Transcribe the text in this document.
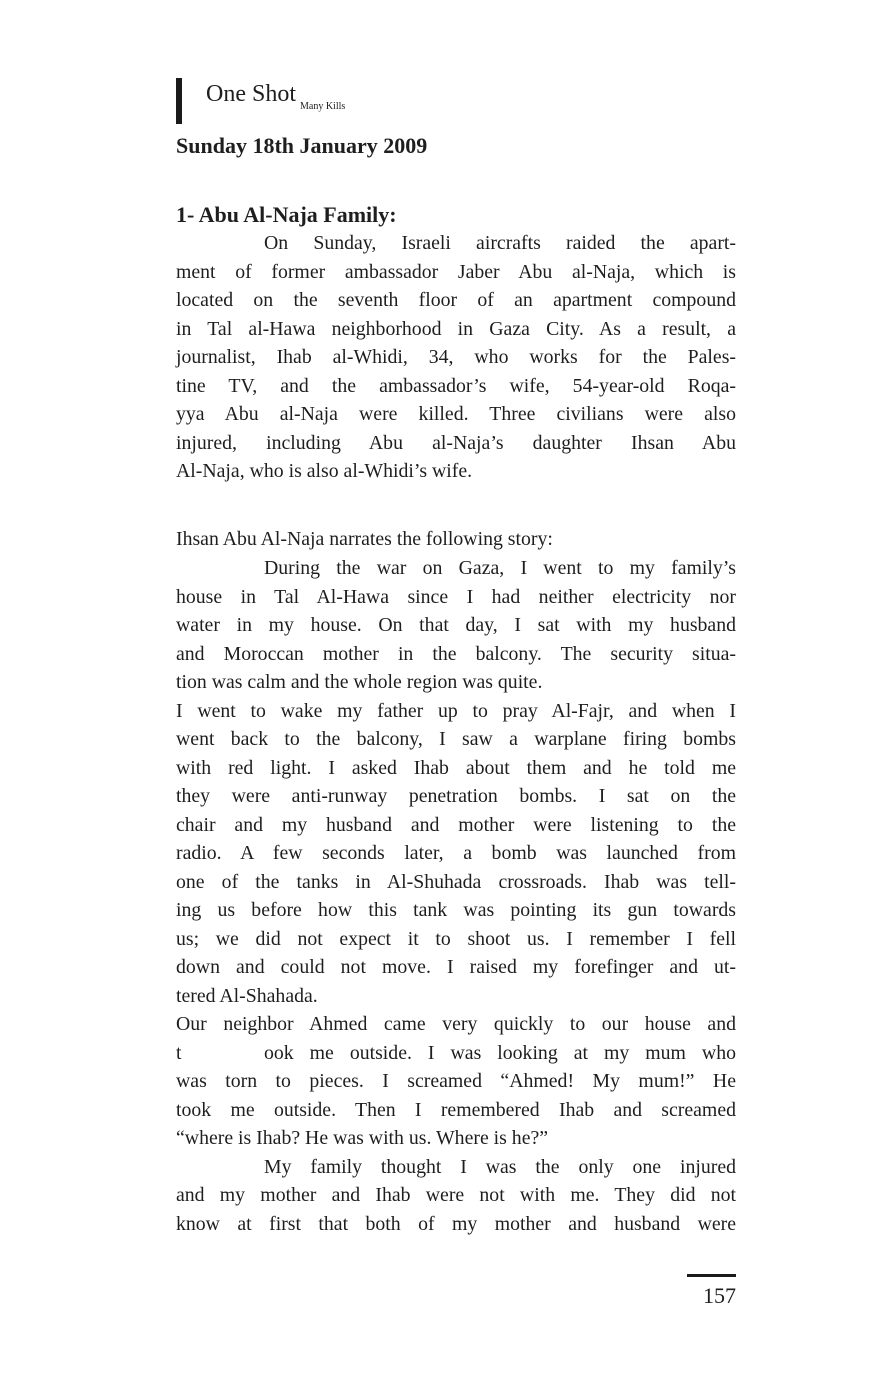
One Shot $_{Many Kills}$
Sunday 18th January 2009
1- Abu Al-Naja Family:
On Sunday, Israeli aircrafts raided the apart-
ment of former ambassador Jaber Abu al-Naja, which is
located on the seventh floor of an apartment compound
in Tal al-Hawa neighborhood in Gaza City. As a result, a
journalist, Ihab al-Whidi, 34, who works for the Pales-
tine TV, and the ambassador’s wife, 54-year-old Roqa-
yya Abu al-Naja were killed. Three civilians were also
injured, including Abu al-Naja’s daughter Ihsan Abu
Al-Naja, who is also al-Whidi’s wife.
Ihsan Abu Al-Naja narrates the following story:
During the war on Gaza, I went to my family’s
house in Tal Al-Hawa since I had neither electricity nor
water in my house. On that day, I sat with my husband
and Moroccan mother in the balcony. The security situa-
tion was calm and the whole region was quite.
I went to wake my father up to pray Al-Fajr, and when I
went back to the balcony, I saw a warplane firing bombs
with red light. I asked Ihab about them and he told me
they were anti-runway penetration bombs. I sat on the
chair and my husband and mother were listening to the
radio. A few seconds later, a bomb was launched from
one of the tanks in Al-Shuhada crossroads. Ihab was tell-
ing us before how this tank was pointing its gun towards
us; we did not expect it to shoot us. I remember I fell
down and could not move. I raised my forefinger and ut-
tered Al-Shahada.
Our neighbor Ahmed came very quickly to our house and
t	ook me outside. I was looking at my mum who
was torn to pieces. I screamed “Ahmed! My mum!” He
took me outside. Then I remembered Ihab and screamed
“where is Ihab? He was with us. Where is he?”
My family thought I was the only one injured
and my mother and Ihab were not with me. They did not
know at first that both of my mother and husband were
157
